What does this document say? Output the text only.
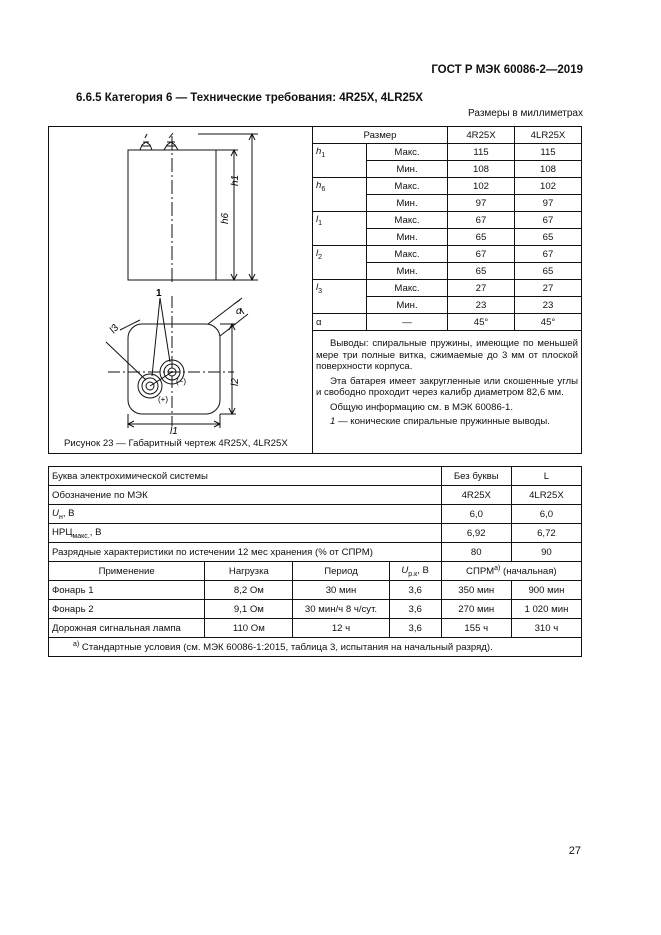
ГОСТ Р МЭК 60086-2—2019
6.6.5 Категория 6 — Технические требования: 4R25X, 4LR25X
Размеры в миллиметрах
h1
h6
l1
l2
l3
α
1
(+)
(−)
Размер		4R25X	4LR25X
$h_1$	Макс.	115	115
	Мин.	108	108
$h_6$	Макс.	102	102
	Мин.	97	97
$l_1$	Макс.	67	67
	Мин.	65	65
$l_2$	Макс.	67	67
	Мин.	65	65
$l_3$	Макс.	27	27
	Мин.	23	23
α	—	45°	45°

Выводы: спиральные пружины, имеющие по меньшей мере три полные витка, сжимаемые до 3 мм от плоской поверхности корпуса.

Эта батарея имеет закругленные или скошенные углы и свободно проходит через калибр диаметром 82,6 мм.

Общую информацию см. в МЭК 60086-1.

1 — конические спиральные пружинные выводы.

Рисунок 23 — Габаритный чертеж 4R25X, 4LR25X
Буква электрохимической системы				Без буквы	L
Обозначение по МЭК				4R25X	4LR25X
$U_н$, В				6,0	6,0
$НРЦ_{макс.}$, В				6,92	6,72
Разрядные характеристики по истечении 12 мес хранения (% от СПРМ)				80	90
Применение	Нагрузка	Период	$U_{р.к}$, В	СПРМ$^{a)}$ (начальная)	
Фонарь 1	8,2 Ом	30 мин	3,6	350 мин	900 мин
Фонарь 2	9,1 Ом	30 мин/ч 8 ч/сут.	3,6	270 мин	1 020 мин
Дорожная сигнальная лампа	110 Ом	12 ч	3,6	155 ч	310 ч
$^{a)}$ Стандартные условия (см. МЭК 60086-1:2015, таблица 3, испытания на начальный разряд).					
27
